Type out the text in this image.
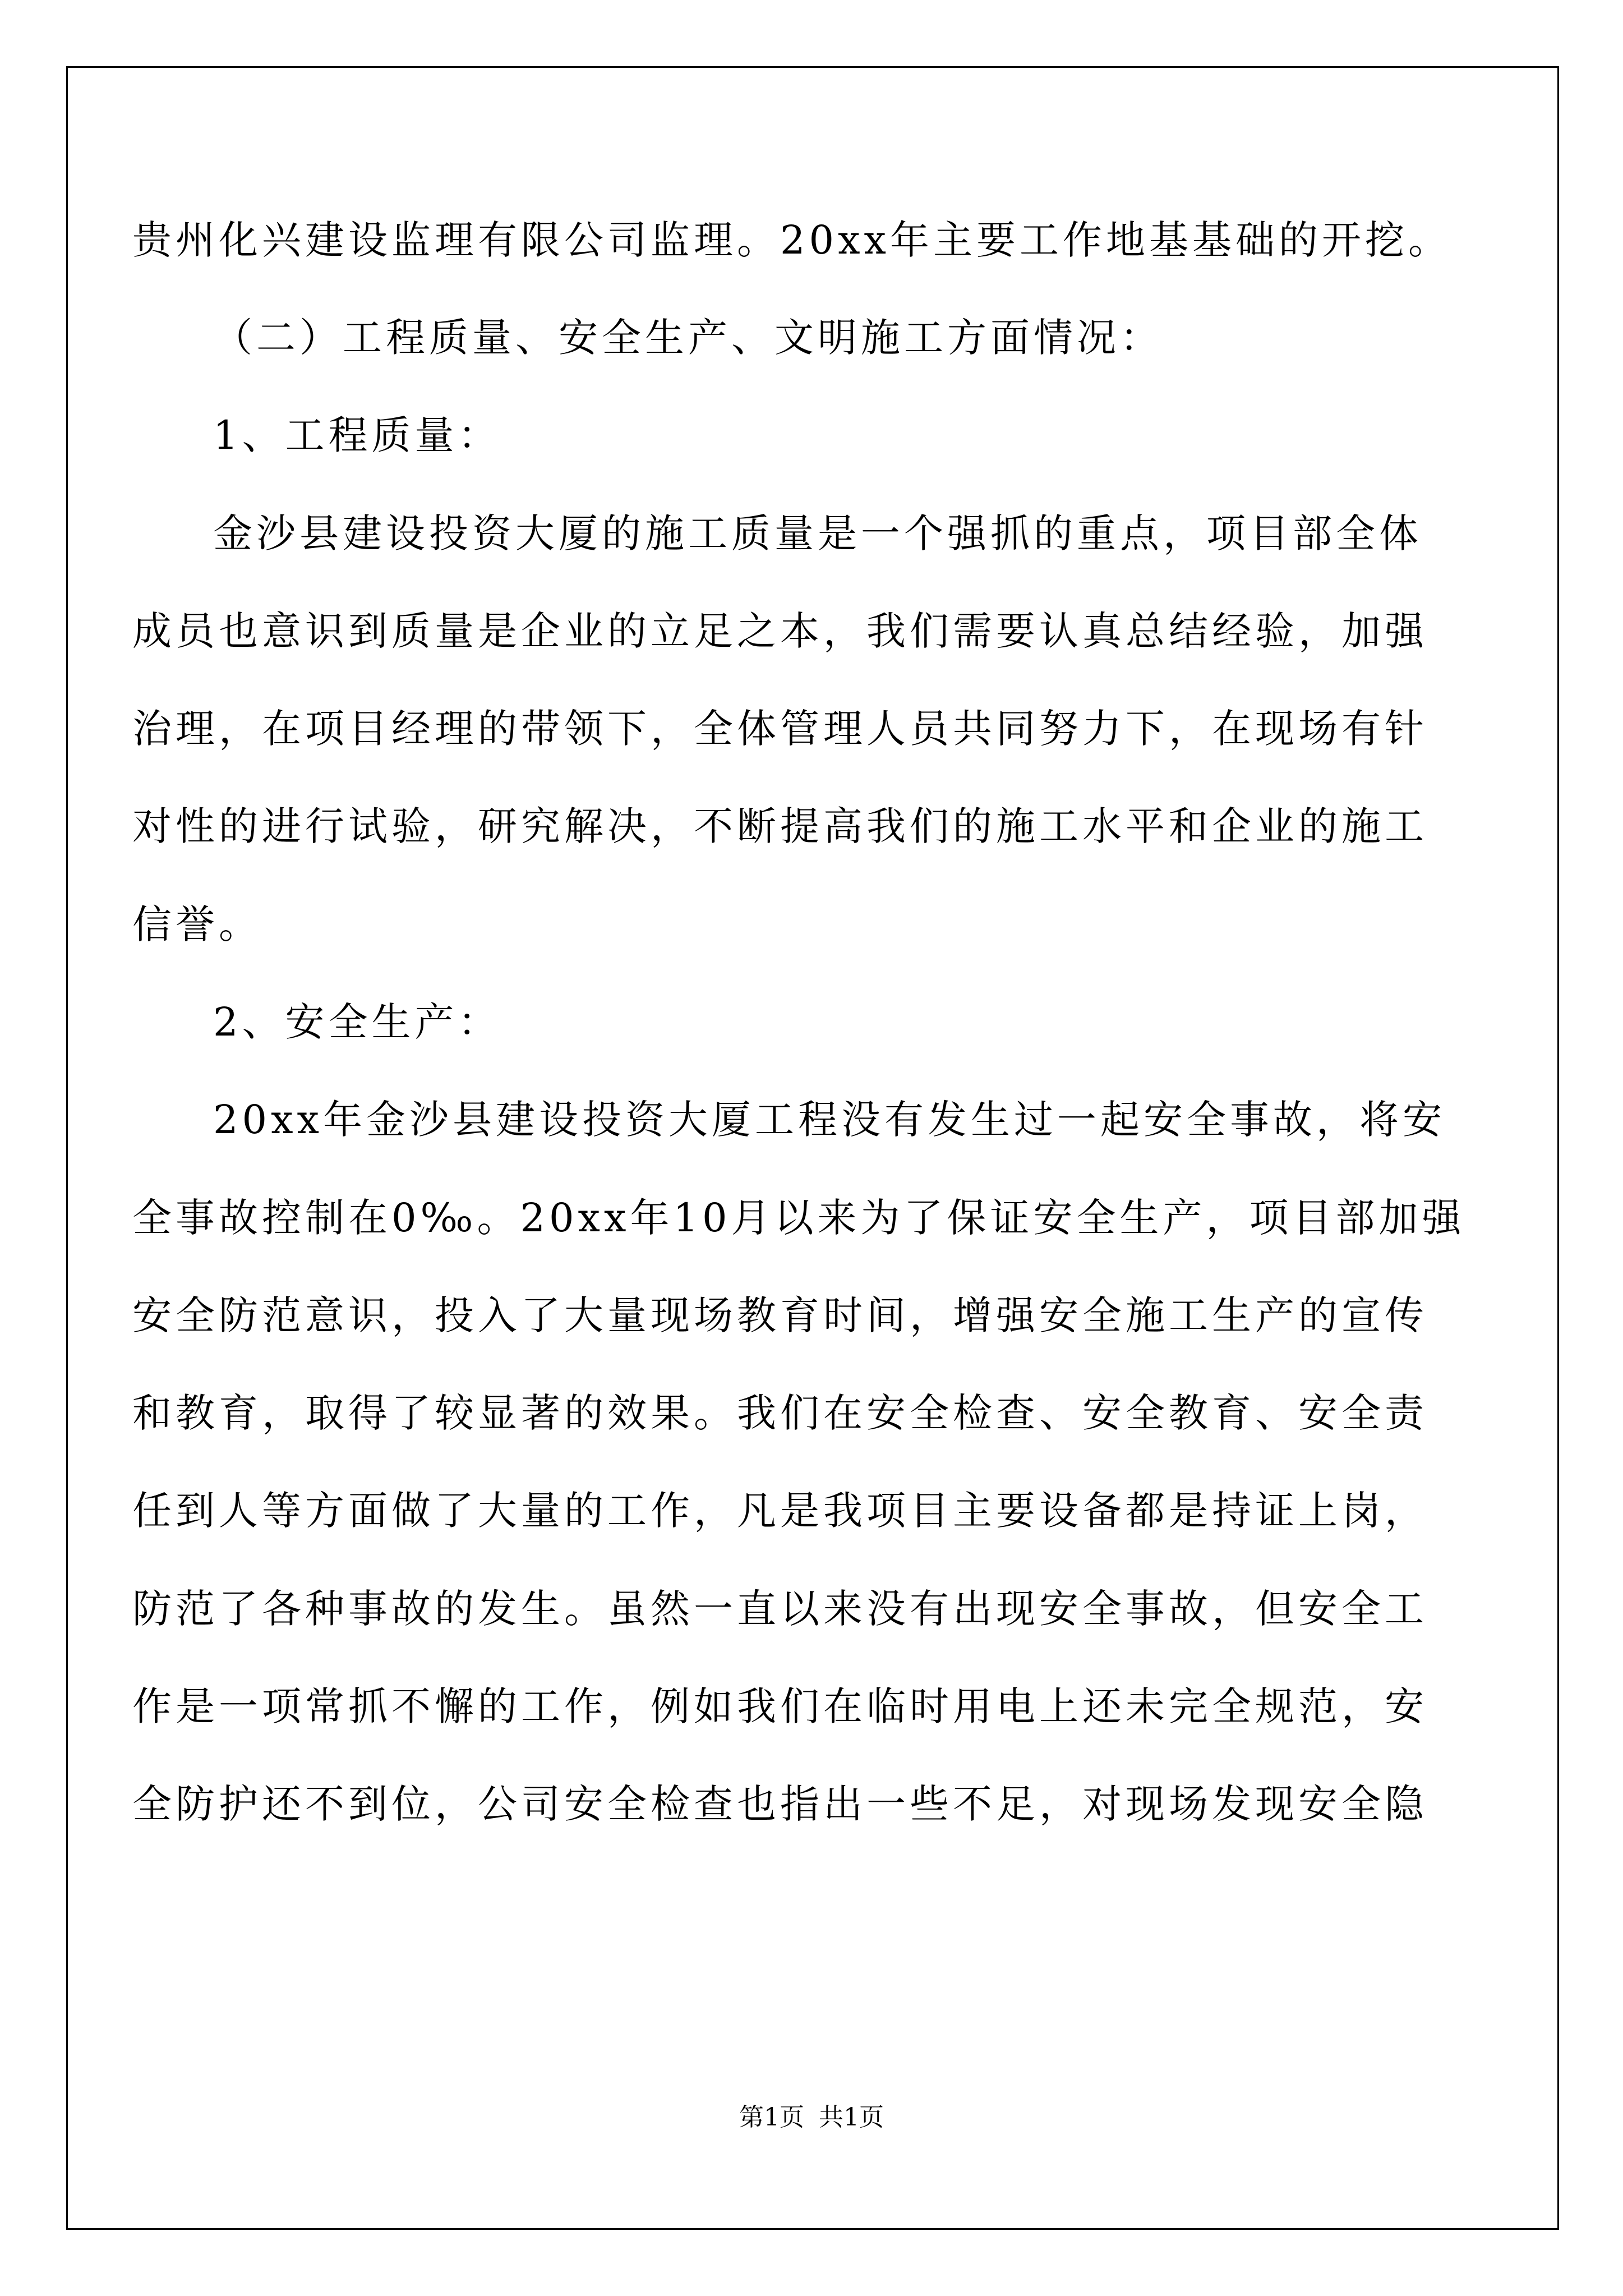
贵州化兴建设监理有限公司监理。20xx年主要工作地基基础的开挖。
（二）工程质量、安全生产、文明施工方面情况：
1、工程质量：
金沙县建设投资大厦的施工质量是一个强抓的重点，项目部全体
成员也意识到质量是企业的立足之本，我们需要认真总结经验，加强
治理，在项目经理的带领下，全体管理人员共同努力下，在现场有针
对性的进行试验，研究解决，不断提高我们的施工水平和企业的施工
信誉。
2、安全生产：
20xx年金沙县建设投资大厦工程没有发生过一起安全事故，将安
全事故控制在0‰。20xx年10月以来为了保证安全生产，项目部加强
安全防范意识，投入了大量现场教育时间，增强安全施工生产的宣传
和教育，取得了较显著的效果。我们在安全检查、安全教育、安全责
任到人等方面做了大量的工作，凡是我项目主要设备都是持证上岗，
防范了各种事故的发生。虽然一直以来没有出现安全事故，但安全工
作是一项常抓不懈的工作，例如我们在临时用电上还未完全规范，安
全防护还不到位，公司安全检查也指出一些不足，对现场发现安全隐
第1页 共1页
